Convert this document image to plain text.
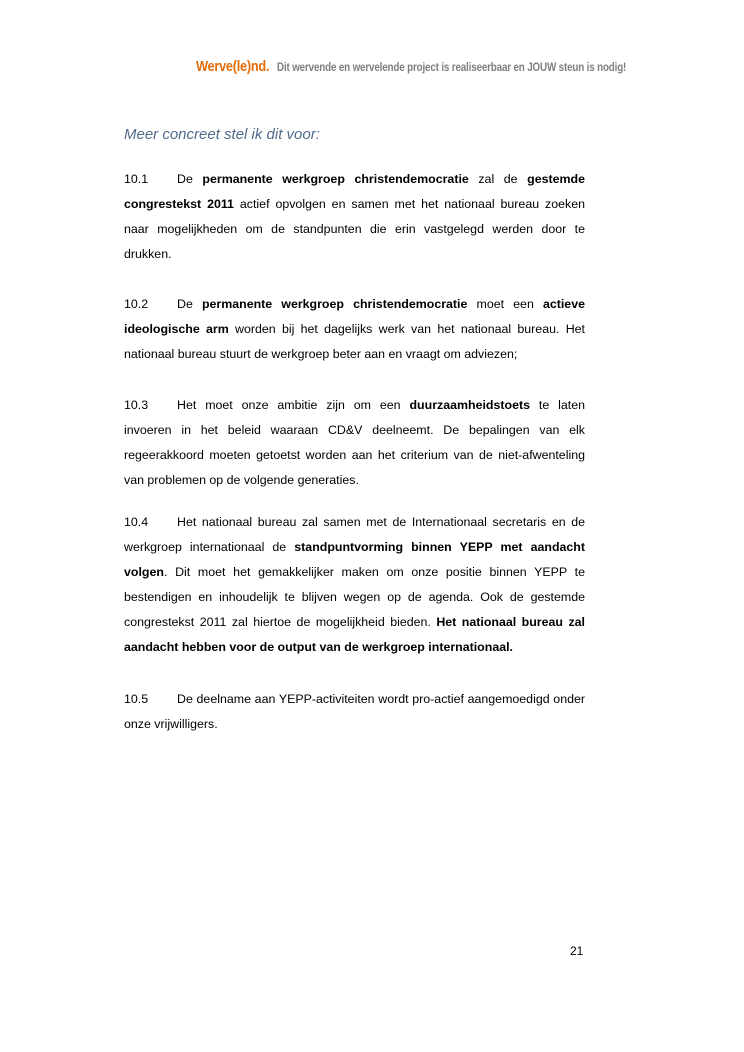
Werve(le)nd. Dit wervende en wervelende project is realiseerbaar en JOUW steun is nodig!
Meer concreet stel ik dit voor:

10.1 De permanente werkgroep christendemocratie zal de gestemde congrestekst 2011 actief opvolgen en samen met het nationaal bureau zoeken naar mogelijkheden om de standpunten die erin vastgelegd werden door te drukken.

10.2 De permanente werkgroep christendemocratie moet een actieve ideologische arm worden bij het dagelijks werk van het nationaal bureau. Het nationaal bureau stuurt de werkgroep beter aan en vraagt om adviezen;

10.3 Het moet onze ambitie zijn om een duurzaamheidstoets te laten invoeren in het beleid waaraan CD&V deelneemt. De bepalingen van elk regeerakkoord moeten getoetst worden aan het criterium van de niet-afwenteling van problemen op de volgende generaties.

10.4 Het nationaal bureau zal samen met de Internationaal secretaris en de werkgroep internationaal de standpuntvorming binnen YEPP met aandacht volgen. Dit moet het gemakkelijker maken om onze positie binnen YEPP te bestendigen en inhoudelijk te blijven wegen op de agenda. Ook de gestemde congrestekst 2011 zal hiertoe de mogelijkheid bieden. Het nationaal bureau zal aandacht hebben voor de output van de werkgroep internationaal.

10.5 De deelname aan YEPP-activiteiten wordt pro-actief aangemoedigd onder onze vrijwilligers.

21
